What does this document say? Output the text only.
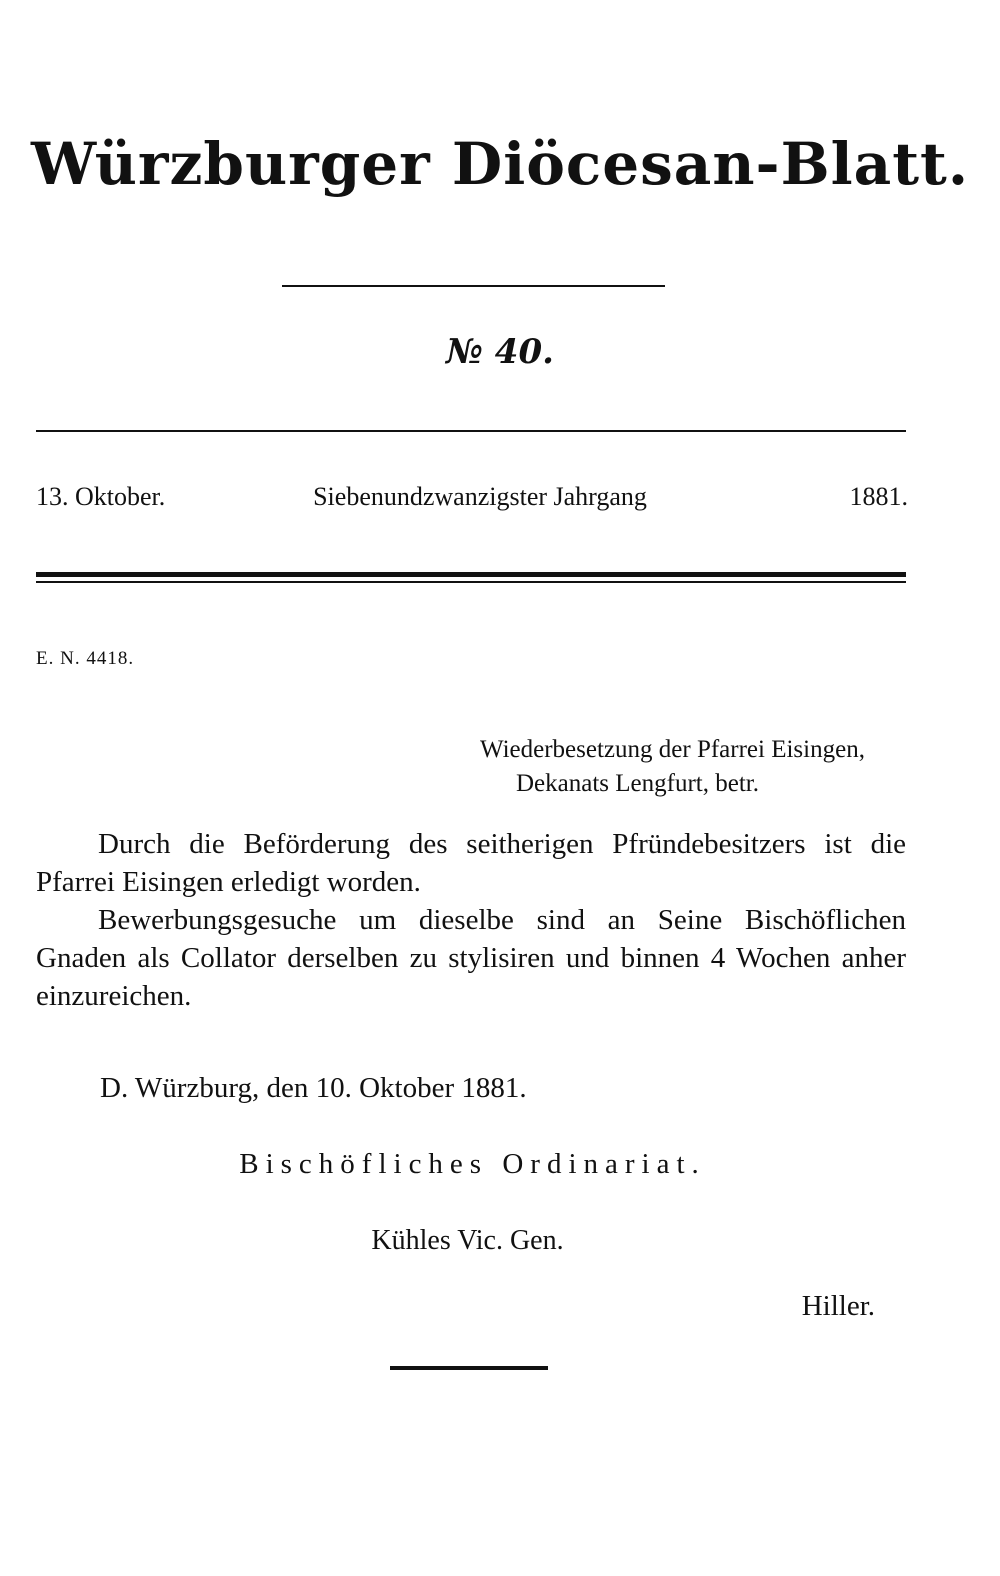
Würzburger Diöcesan-Blatt.
№ 40.
13. Oktober.	Siebenundzwanzigster Jahrgang	1881.
E. N. 4418.
Wiederbesetzung der Pfarrei Eisingen,
Dekanats Lengfurt, betr.

Durch die Beförderung des seitherigen Pfründebesitzers ist die Pfarrei Eisingen erledigt worden.

Bewerbungsgesuche um dieselbe sind an Seine Bischöflichen Gnaden als Collator derselben zu stylisiren und binnen 4 Wochen anher einzureichen.

D. Würzburg, den 10. Oktober 1881.
Bischöfliches Ordinariat.
Kühles Vic. Gen.
Hiller.
